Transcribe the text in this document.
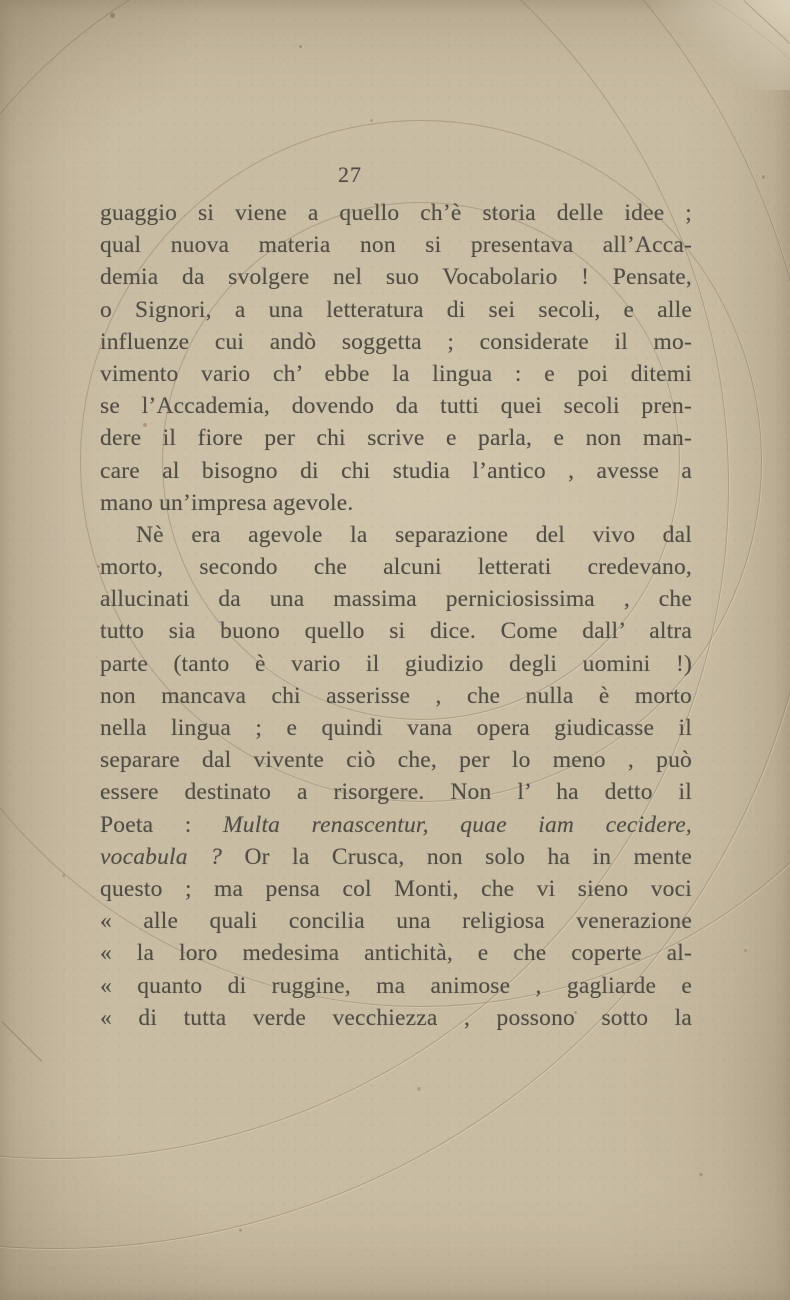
27
guaggio si viene a quello ch’è storia delle idee ;
qual nuova materia non si presentava all’Acca-
demia da svolgere nel suo Vocabolario ! Pensate,
o Signori, a una letteratura di sei secoli, e alle
influenze cui andò soggetta ; considerate il mo-
vimento vario ch’ ebbe la lingua : e poi ditemi
se l’Accademia, dovendo da tutti quei secoli pren-
dere il fiore per chi scrive e parla, e non man-
care al bisogno di chi studia l’antico , avesse a
mano un’impresa agevole.
Nè era agevole la separazione del vivo dal
morto, secondo che alcuni letterati credevano,
allucinati da una massima perniciosissima , che
tutto sia buono quello si dice. Come dall’ altra
parte (tanto è vario il giudizio degli uomini !)
non mancava chi asserisse , che nulla è morto
nella lingua ; e quindi vana opera giudicasse il
separare dal vivente ciò che, per lo meno , può
essere destinato a risorgere. Non l’ ha detto il
Poeta : Multa renascentur, quae iam cecidere,
vocabula ? Or la Crusca, non solo ha in mente
questo ; ma pensa col Monti, che vi sieno voci
« alle quali concilia una religiosa venerazione
« la loro medesima antichità, e che coperte al-
« quanto di ruggine, ma animose , gagliarde e
« di tutta verde vecchiezza , possono sotto la
